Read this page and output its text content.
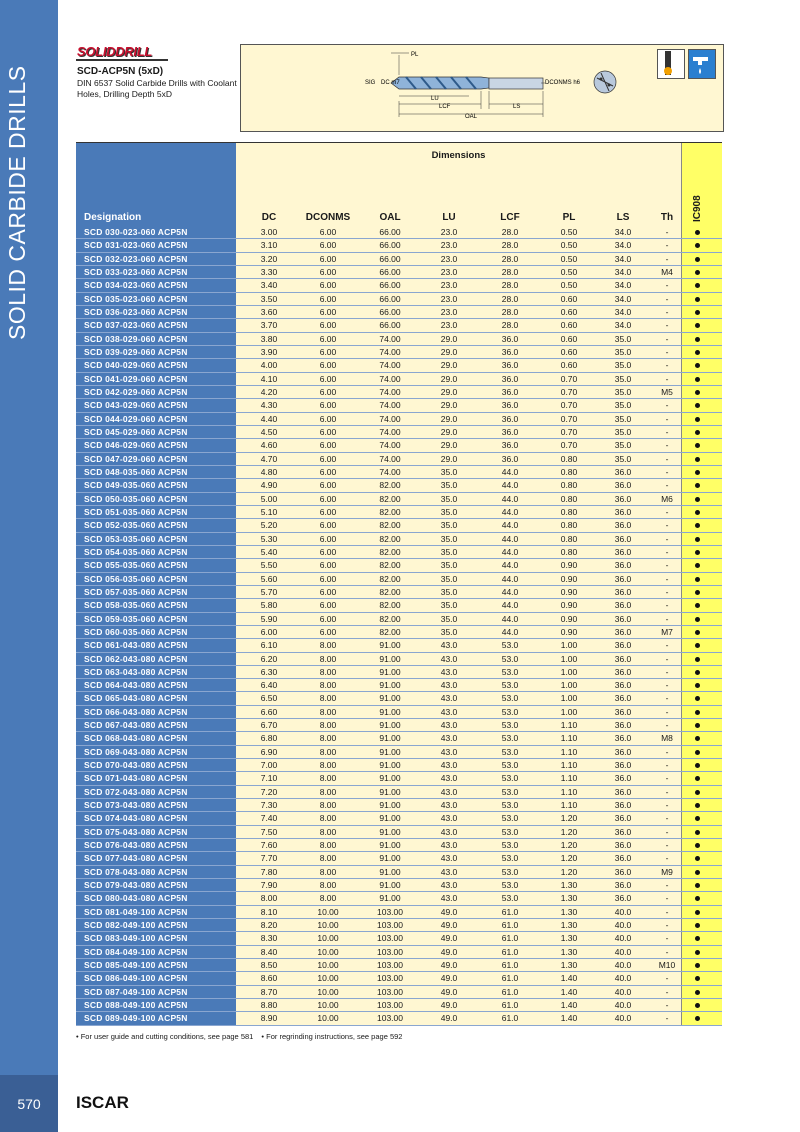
SOLID CARBIDE DRILLS
570	ISCAR
SOLIDDRILL
SCD-ACP5N (5xD)
DIN 6537 Solid Carbide Drills with Coolant Holes, Drilling Depth 5xD
PL
SIG DC m7	DCONMS h6
LU
LCF	LS
OAL
Dimensions
IC908
Designation	DC	DCONMS	OAL	LU	LCF	PL	LS	Th
SCD 030-023-060 ACP5N	3.00	6.00	66.00	23.0	28.0	0.50	34.0	-
SCD 031-023-060 ACP5N	3.10	6.00	66.00	23.0	28.0	0.50	34.0	-
SCD 032-023-060 ACP5N	3.20	6.00	66.00	23.0	28.0	0.50	34.0	-
SCD 033-023-060 ACP5N	3.30	6.00	66.00	23.0	28.0	0.50	34.0	M4
SCD 034-023-060 ACP5N	3.40	6.00	66.00	23.0	28.0	0.50	34.0	-
SCD 035-023-060 ACP5N	3.50	6.00	66.00	23.0	28.0	0.60	34.0	-
SCD 036-023-060 ACP5N	3.60	6.00	66.00	23.0	28.0	0.60	34.0	-
SCD 037-023-060 ACP5N	3.70	6.00	66.00	23.0	28.0	0.60	34.0	-
SCD 038-029-060 ACP5N	3.80	6.00	74.00	29.0	36.0	0.60	35.0	-
SCD 039-029-060 ACP5N	3.90	6.00	74.00	29.0	36.0	0.60	35.0	-
SCD 040-029-060 ACP5N	4.00	6.00	74.00	29.0	36.0	0.60	35.0	-
SCD 041-029-060 ACP5N	4.10	6.00	74.00	29.0	36.0	0.70	35.0	-
SCD 042-029-060 ACP5N	4.20	6.00	74.00	29.0	36.0	0.70	35.0	M5
SCD 043-029-060 ACP5N	4.30	6.00	74.00	29.0	36.0	0.70	35.0	-
SCD 044-029-060 ACP5N	4.40	6.00	74.00	29.0	36.0	0.70	35.0	-
SCD 045-029-060 ACP5N	4.50	6.00	74.00	29.0	36.0	0.70	35.0	-
SCD 046-029-060 ACP5N	4.60	6.00	74.00	29.0	36.0	0.70	35.0	-
SCD 047-029-060 ACP5N	4.70	6.00	74.00	29.0	36.0	0.80	35.0	-
SCD 048-035-060 ACP5N	4.80	6.00	74.00	35.0	44.0	0.80	36.0	-
SCD 049-035-060 ACP5N	4.90	6.00	82.00	35.0	44.0	0.80	36.0	-
SCD 050-035-060 ACP5N	5.00	6.00	82.00	35.0	44.0	0.80	36.0	M6
SCD 051-035-060 ACP5N	5.10	6.00	82.00	35.0	44.0	0.80	36.0	-
SCD 052-035-060 ACP5N	5.20	6.00	82.00	35.0	44.0	0.80	36.0	-
SCD 053-035-060 ACP5N	5.30	6.00	82.00	35.0	44.0	0.80	36.0	-
SCD 054-035-060 ACP5N	5.40	6.00	82.00	35.0	44.0	0.80	36.0	-
SCD 055-035-060 ACP5N	5.50	6.00	82.00	35.0	44.0	0.90	36.0	-
SCD 056-035-060 ACP5N	5.60	6.00	82.00	35.0	44.0	0.90	36.0	-
SCD 057-035-060 ACP5N	5.70	6.00	82.00	35.0	44.0	0.90	36.0	-
SCD 058-035-060 ACP5N	5.80	6.00	82.00	35.0	44.0	0.90	36.0	-
SCD 059-035-060 ACP5N	5.90	6.00	82.00	35.0	44.0	0.90	36.0	-
SCD 060-035-060 ACP5N	6.00	6.00	82.00	35.0	44.0	0.90	36.0	M7
SCD 061-043-080 ACP5N	6.10	8.00	91.00	43.0	53.0	1.00	36.0	-
SCD 062-043-080 ACP5N	6.20	8.00	91.00	43.0	53.0	1.00	36.0	-
SCD 063-043-080 ACP5N	6.30	8.00	91.00	43.0	53.0	1.00	36.0	-
SCD 064-043-080 ACP5N	6.40	8.00	91.00	43.0	53.0	1.00	36.0	-
SCD 065-043-080 ACP5N	6.50	8.00	91.00	43.0	53.0	1.00	36.0	-
SCD 066-043-080 ACP5N	6.60	8.00	91.00	43.0	53.0	1.00	36.0	-
SCD 067-043-080 ACP5N	6.70	8.00	91.00	43.0	53.0	1.10	36.0	-
SCD 068-043-080 ACP5N	6.80	8.00	91.00	43.0	53.0	1.10	36.0	M8
SCD 069-043-080 ACP5N	6.90	8.00	91.00	43.0	53.0	1.10	36.0	-
SCD 070-043-080 ACP5N	7.00	8.00	91.00	43.0	53.0	1.10	36.0	-
SCD 071-043-080 ACP5N	7.10	8.00	91.00	43.0	53.0	1.10	36.0	-
SCD 072-043-080 ACP5N	7.20	8.00	91.00	43.0	53.0	1.10	36.0	-
SCD 073-043-080 ACP5N	7.30	8.00	91.00	43.0	53.0	1.10	36.0	-
SCD 074-043-080 ACP5N	7.40	8.00	91.00	43.0	53.0	1.20	36.0	-
SCD 075-043-080 ACP5N	7.50	8.00	91.00	43.0	53.0	1.20	36.0	-
SCD 076-043-080 ACP5N	7.60	8.00	91.00	43.0	53.0	1.20	36.0	-
SCD 077-043-080 ACP5N	7.70	8.00	91.00	43.0	53.0	1.20	36.0	-
SCD 078-043-080 ACP5N	7.80	8.00	91.00	43.0	53.0	1.20	36.0	M9
SCD 079-043-080 ACP5N	7.90	8.00	91.00	43.0	53.0	1.30	36.0	-
SCD 080-043-080 ACP5N	8.00	8.00	91.00	43.0	53.0	1.30	36.0	-
SCD 081-049-100 ACP5N	8.10	10.00	103.00	49.0	61.0	1.30	40.0	-
SCD 082-049-100 ACP5N	8.20	10.00	103.00	49.0	61.0	1.30	40.0	-
SCD 083-049-100 ACP5N	8.30	10.00	103.00	49.0	61.0	1.30	40.0	-
SCD 084-049-100 ACP5N	8.40	10.00	103.00	49.0	61.0	1.30	40.0	-
SCD 085-049-100 ACP5N	8.50	10.00	103.00	49.0	61.0	1.30	40.0	M10
SCD 086-049-100 ACP5N	8.60	10.00	103.00	49.0	61.0	1.40	40.0	-
SCD 087-049-100 ACP5N	8.70	10.00	103.00	49.0	61.0	1.40	40.0	-
SCD 088-049-100 ACP5N	8.80	10.00	103.00	49.0	61.0	1.40	40.0	-
SCD 089-049-100 ACP5N	8.90	10.00	103.00	49.0	61.0	1.40	40.0	-
• For user guide and cutting conditions, see page 581 • For regrinding instructions, see page 592
